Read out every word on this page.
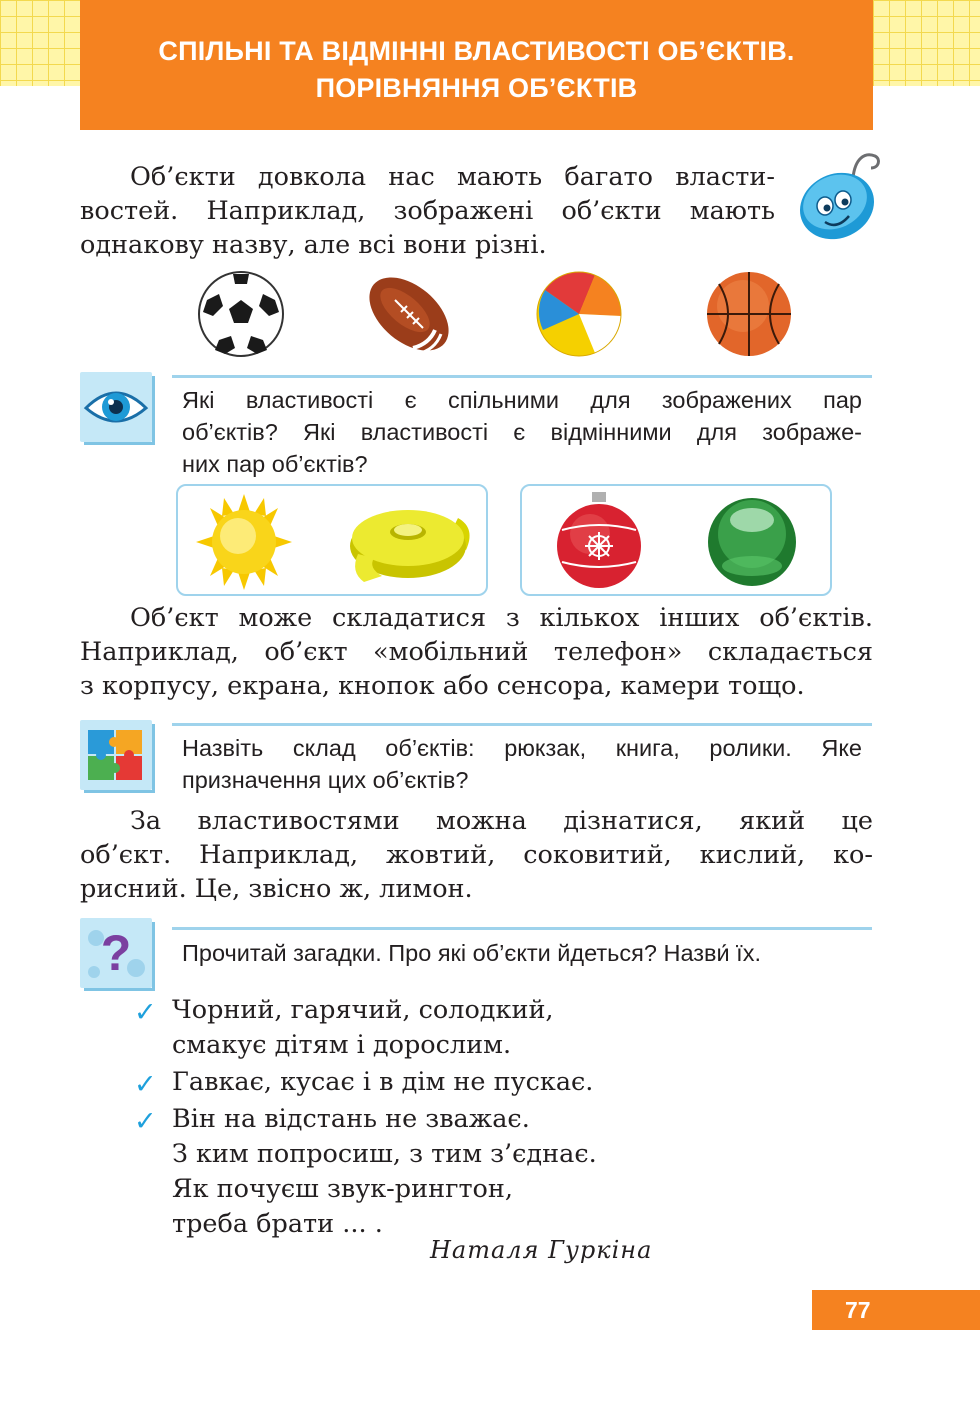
СПІЛЬНІ ТА ВІДМІННІ ВЛАСТИВОСТІ ОБ’ЄКТІВ.
ПОРІВНЯННЯ ОБ’ЄКТІВ
Об’єкти довкола нас мають багато власти-
востей. Наприклад, зображені об’єкти мають
однакову назву, але всі вони різні.
Які властивості є спільними для зображених пар
об’єктів? Які властивості є відмінними для зображе-
них пар об’єктів?
Об’єкт може складатися з кількох інших об’єктів.
Наприклад, об’єкт «мобільний телефон» складається
з корпусу, екрана, кнопок або сенсора, камери тощо.
Назвіть склад об’єктів: рюкзак, книга, ролики. Яке
призначення цих об’єктів?
За властивостями можна дізнатися, який це
об’єкт. Наприклад, жовтий, соковитий, кислий, ко-
рисний. Це, звісно ж, лимон.
? Прочитай загадки. Про які об’єкти йдеться? Назви́ їх.
✓ Чорний, гарячий, солодкий,
смакує дітям і дорослим.
✓ Гавкає, кусає і в дім не пускає.
✓ Він на відстань не зважає.
З ким попросиш, з тим з’єднає.
Як почуєш звук-рингтон,
треба брати ... .
Наталя Гуркіна
77
